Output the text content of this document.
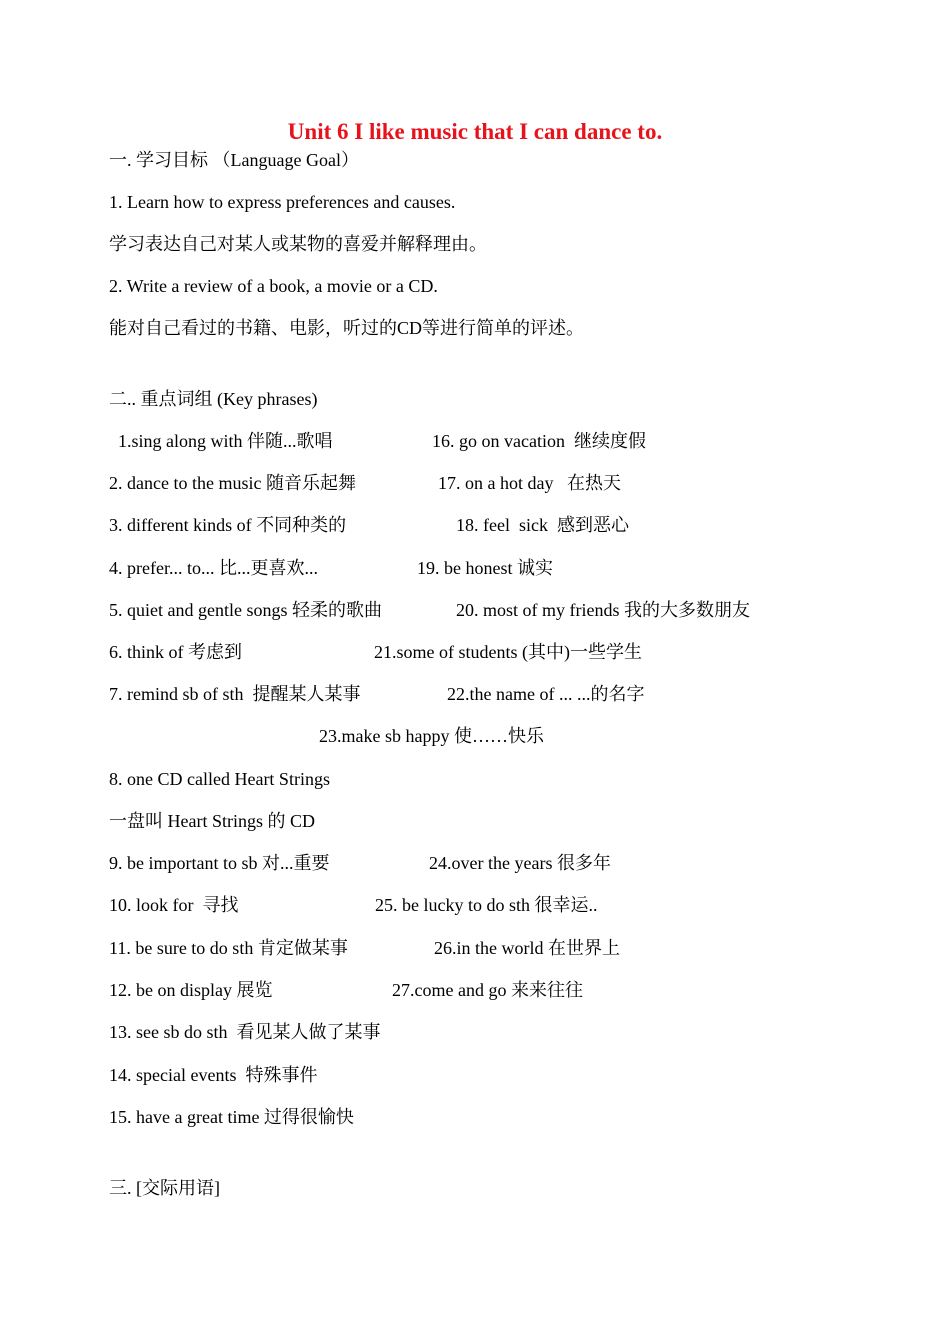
Unit 6 I like music that I can dance to.
一. 学习目标 （Language Goal）
1. Learn how to express preferences and causes.
学习表达自己对某人或某物的喜爱并解释理由。
2. Write a review of a book, a movie or a CD.
能对自己看过的书籍、电影，听过的CD等进行简单的评述。
二.. 重点词组 (Key phrases)
1.sing along with 伴随...歌唱	16. go on vacation  继续度假
2. dance to the music 随音乐起舞	17. on a hot day   在热天
3. different kinds of 不同种类的	18. feel  sick  感到恶心
4. prefer... to... 比...更喜欢...	19. be honest 诚实
5. quiet and gentle songs 轻柔的歌曲	20. most of my friends 我的大多数朋友
6. think of 考虑到	21.some of students (其中)一些学生
7. remind sb of sth  提醒某人某事	22.the name of ... ...的名字
23.make sb happy 使……快乐
8. one CD called Heart Strings
一盘叫 Heart Strings 的 CD
9. be important to sb 对...重要	24.over the years 很多年
10. look for  寻找	25. be lucky to do sth 很幸运..
11. be sure to do sth 肯定做某事	26.in the world 在世界上
12. be on display 展览	27.come and go 来来往往
13. see sb do sth  看见某人做了某事
14. special events  特殊事件
15. have a great time 过得很愉快
三. [交际用语]
